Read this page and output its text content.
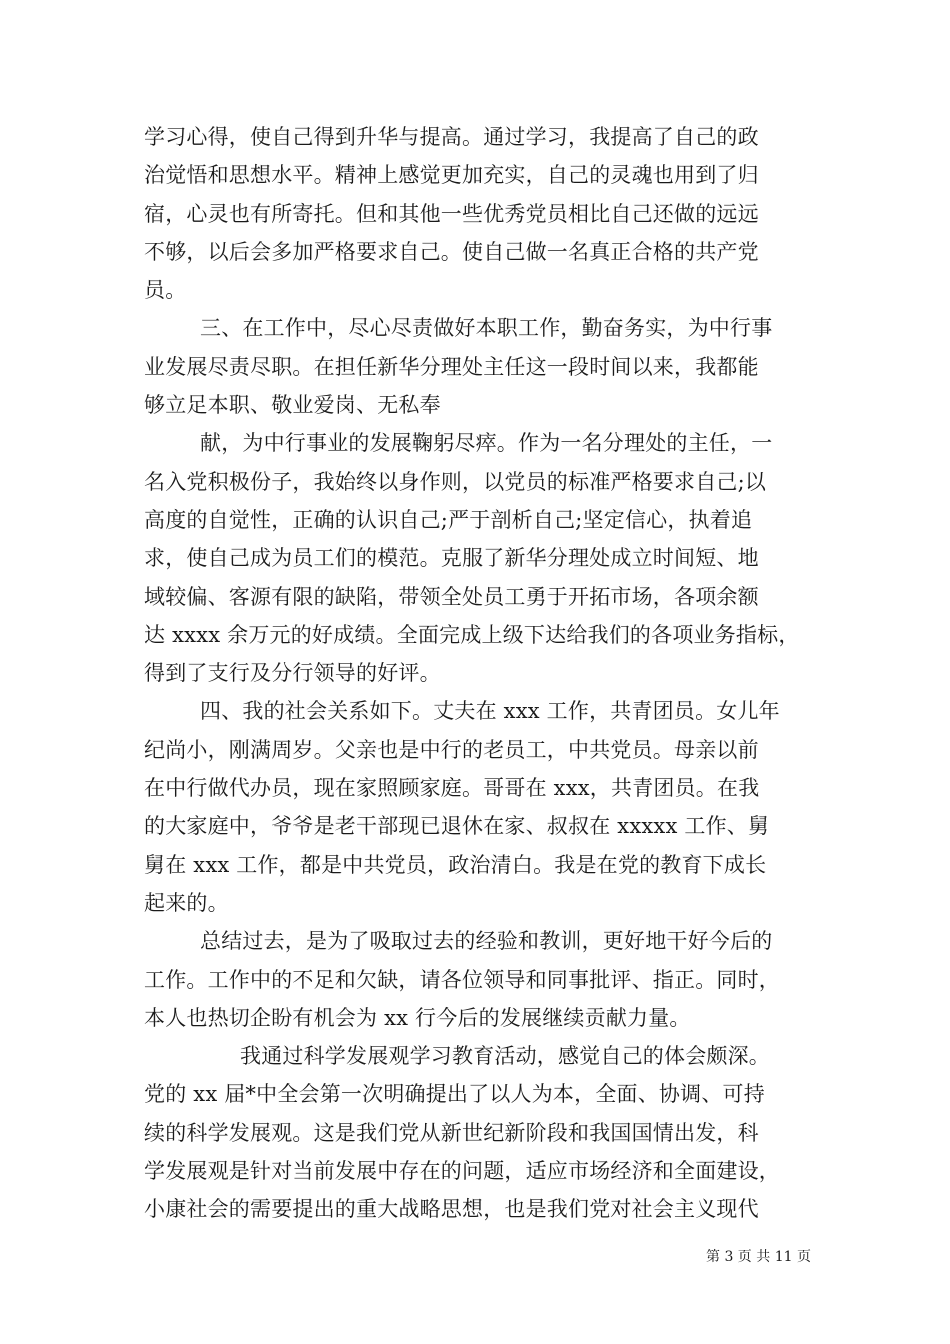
学习心得，使自己得到升华与提高。通过学习，我提高了自己的政
治觉悟和思想水平。精神上感觉更加充实，自己的灵魂也用到了归
宿，心灵也有所寄托。但和其他一些优秀党员相比自己还做的远远
不够，以后会多加严格要求自己。使自己做一名真正合格的共产党
员。
三、在工作中，尽心尽责做好本职工作，勤奋务实，为中行事
业发展尽责尽职。在担任新华分理处主任这一段时间以来，我都能
够立足本职、敬业爱岗、无私奉
献，为中行事业的发展鞠躬尽瘁。作为一名分理处的主任，一
名入党积极份子，我始终以身作则，以党员的标准严格要求自己;以
高度的自觉性，正确的认识自己;严于剖析自己;坚定信心，执着追
求，使自己成为员工们的模范。克服了新华分理处成立时间短、地
域较偏、客源有限的缺陷，带领全处员工勇于开拓市场，各项余额
达 xxxx 余万元的好成绩。全面完成上级下达给我们的各项业务指标，
得到了支行及分行领导的好评。
四、我的社会关系如下。丈夫在 xxx 工作，共青团员。女儿年
纪尚小，刚满周岁。父亲也是中行的老员工，中共党员。母亲以前
在中行做代办员，现在家照顾家庭。哥哥在 xxx，共青团员。在我
的大家庭中，爷爷是老干部现已退休在家、叔叔在 xxxxx 工作、舅
舅在 xxx 工作，都是中共党员，政治清白。我是在党的教育下成长
起来的。
总结过去，是为了吸取过去的经验和教训，更好地干好今后的
工作。工作中的不足和欠缺，请各位领导和同事批评、指正。同时，
本人也热切企盼有机会为 xx 行今后的发展继续贡献力量。
我通过科学发展观学习教育活动，感觉自己的体会颇深。
党的 xx 届*中全会第一次明确提出了以人为本，全面、协调、可持
续的科学发展观。这是我们党从新世纪新阶段和我国国情出发，科
学发展观是针对当前发展中存在的问题，适应市场经济和全面建设，
小康社会的需要提出的重大战略思想，也是我们党对社会主义现代
第 3 页 共 11 页
